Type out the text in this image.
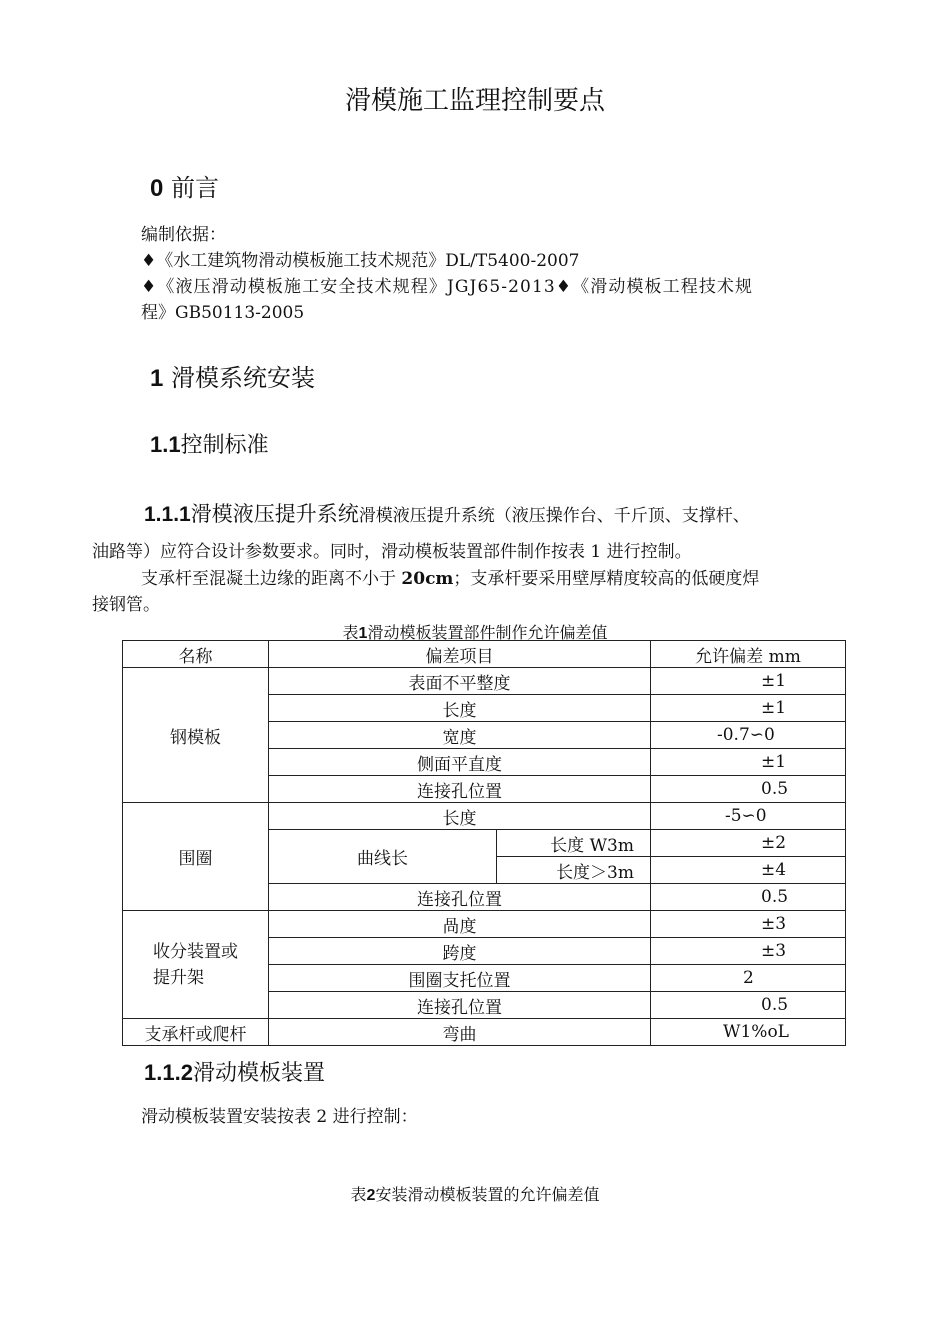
滑模施工监理控制要点
0 前言
编制依据：
♦《水工建筑物滑动模板施工技术规范》DL/T5400-2007
♦《液压滑动模板施工安全技术规程》JGJ65-2013♦《滑动模板工程技术规
程》GB50113-2005
1 滑模系统安装
1.1控制标准
1.1.1滑模液压提升系统滑模液压提升系统（液压操作台、千斤顶、支撑杆、
油路等）应符合设计参数要求。同时，滑动模板装置部件制作按表 1 进行控制。
支承杆至混凝土边缘的距离不小于 20cm；支承杆要采用壁厚精度较高的低硬度焊
接钢管。
表1滑动模板装置部件制作允许偏差值
名称	偏差项目		允许偏差 mm
钢模板	表面不平整度		±1
	长度		±1
	宽度		-0.7∽0
	侧面平直度		±1
	连接孔位置		0.5
围圈	长度		-5∽0
	曲线长	长度 W3m	±2
		长度＞3m	±4
	连接孔位置		0.5

收分装置或
提升架	咼度		±3
	跨度		±3
	围圈支托位置		2
	连接孔位置		0.5
支承杆或爬杆	弯曲		W1%oL
1.1.2滑动模板装置
滑动模板装置安装按表 2 进行控制：
表2安装滑动模板装置的允许偏差值
